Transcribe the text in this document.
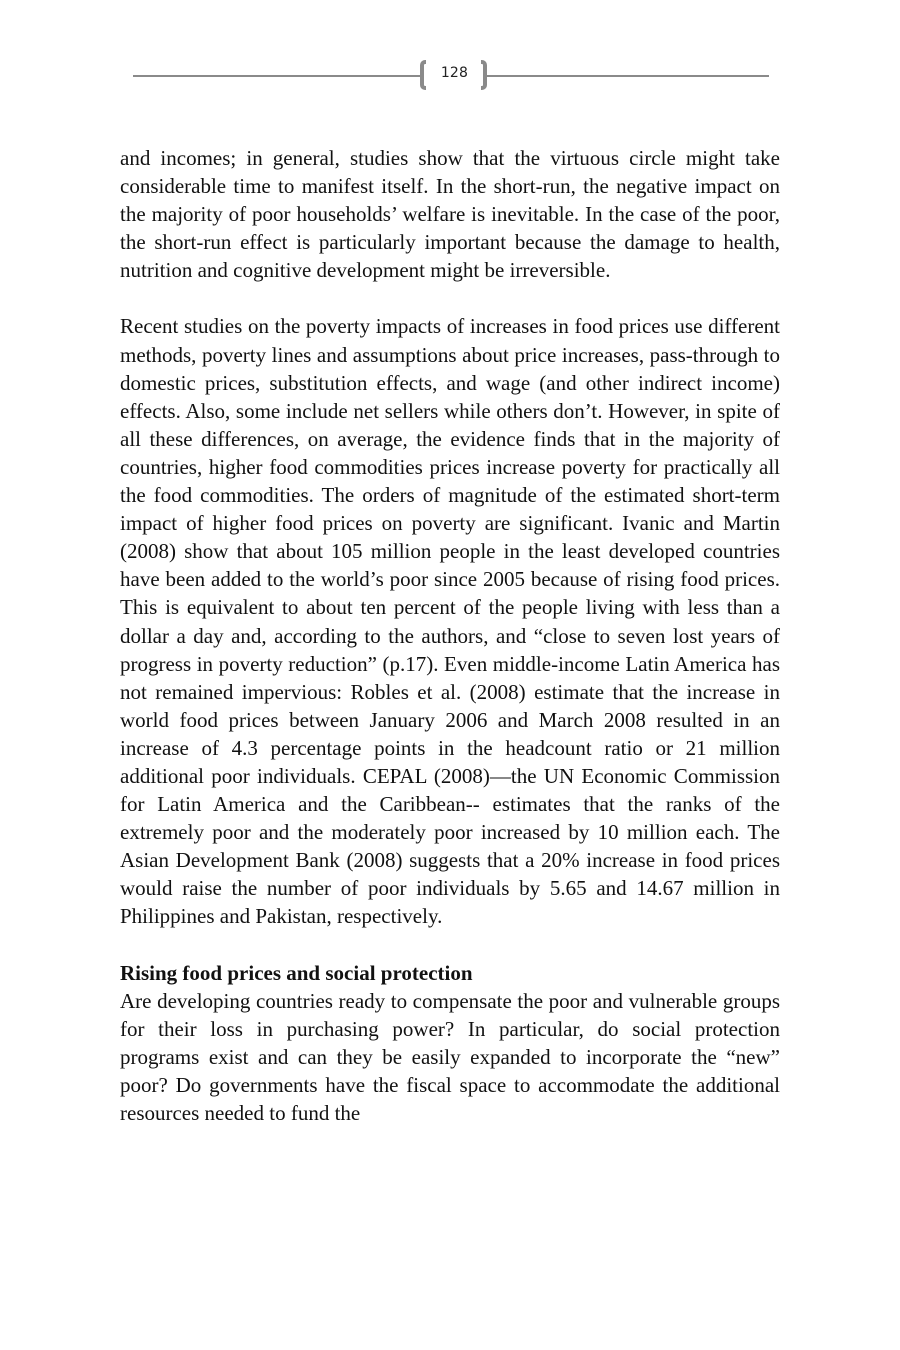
128

and incomes; in general, studies show that the virtuous circle might take considerable time to manifest itself. In the short-run, the negative impact on the majority of poor households’ welfare is inevitable. In the case of the poor, the short-run effect is particularly important because the damage to health, nutrition and cognitive development might be irreversible.

Recent studies on the poverty impacts of increases in food prices use different methods, poverty lines and assumptions about price increases, pass-through to domestic prices, substitution effects, and wage (and other indirect income) effects. Also, some include net sellers while others don’t. However, in spite of all these differences, on average, the evidence finds that in the majority of countries, higher food commodities prices increase poverty for practically all the food commodities. The orders of magnitude of the estimated short-term impact of higher food prices on poverty are significant. Ivanic and Martin (2008) show that about 105 million people in the least developed countries have been added to the world’s poor since 2005 because of rising food prices. This is equivalent to about ten percent of the people living with less than a dollar a day and, according to the authors, and “close to seven lost years of progress in poverty reduction” (p.17). Even middle-income Latin America has not remained impervious: Robles et al. (2008) estimate that the increase in world food prices between January 2006 and March 2008 resulted in an increase of 4.3 percentage points in the headcount ratio or 21 million additional poor individuals. CEPAL (2008)—the UN Economic Commission for Latin America and the Caribbean-- estimates that the ranks of the extremely poor and the moderately poor increased by 10 million each. The Asian Development Bank (2008) suggests that a 20% increase in food prices would raise the number of poor individuals by 5.65 and 14.67 million in Philippines and Pakistan, respectively.

Rising food prices and social protection

Are developing countries ready to compensate the poor and vulnerable groups for their loss in purchasing power? In particular, do social protection programs exist and can they be easily expanded to incorporate the “new” poor? Do governments have the fiscal space to accommodate the additional resources needed to fund the
